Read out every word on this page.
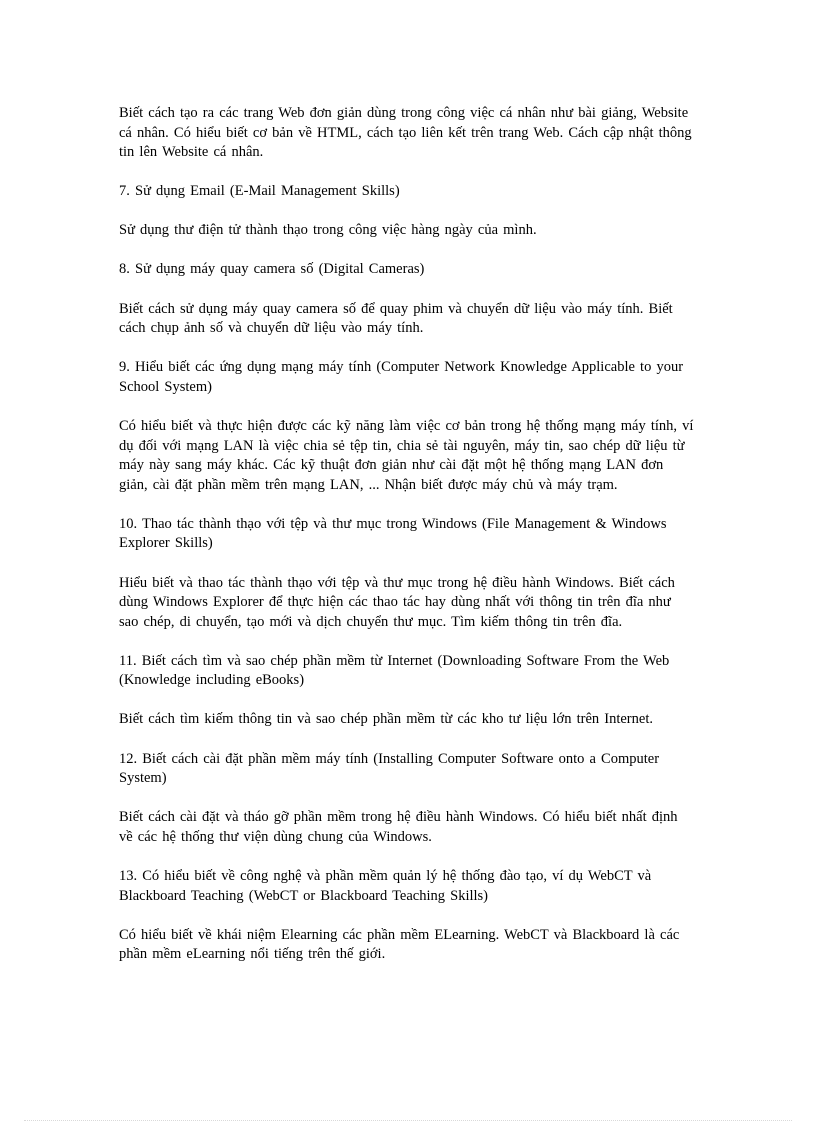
Biết cách tạo ra các trang Web đơn giản dùng trong công việc cá nhân như bài giảng, Website cá nhân. Có hiểu biết cơ bản về HTML, cách tạo liên kết trên trang Web. Cách cập nhật thông tin lên Website cá nhân.

7. Sử dụng Email (E-Mail Management Skills)

Sử dụng thư điện tử thành thạo trong công việc hàng ngày của mình.

8. Sử dụng máy quay camera số (Digital Cameras)

Biết cách sử dụng máy quay camera số để quay phim và chuyển dữ liệu vào máy tính. Biết cách chụp ảnh số và chuyển dữ liệu vào máy tính.

9. Hiểu biết các ứng dụng mạng máy tính (Computer Network Knowledge Applicable to your School System)

Có hiểu biết và thực hiện được các kỹ năng làm việc cơ bản trong hệ thống mạng máy tính, ví dụ đối với mạng LAN là việc chia sẻ tệp tin, chia sẻ tài nguyên, máy tin, sao chép dữ liệu từ máy này sang máy khác. Các kỹ thuật đơn giản như cài đặt một hệ thống mạng LAN đơn giản, cài đặt phần mềm trên mạng LAN, ... Nhận biết được máy chủ và máy trạm.

10. Thao tác thành thạo với tệp và thư mục trong Windows (File Management & Windows Explorer Skills)

Hiểu biết và thao tác thành thạo với tệp và thư mục trong hệ điều hành Windows. Biết cách dùng Windows Explorer để thực hiện các thao tác hay dùng nhất với thông tin trên đĩa như sao chép, di chuyển, tạo mới và dịch chuyển thư mục. Tìm kiếm thông tin trên đĩa.

11. Biết cách tìm và sao chép phần mềm từ Internet (Downloading Software From the Web (Knowledge including eBooks)

Biết cách tìm kiếm thông tin và sao chép phần mềm từ các kho tư liệu lớn trên Internet.

12. Biết cách cài đặt phần mềm máy tính (Installing Computer Software onto a Computer System)

Biết cách cài đặt và tháo gỡ phần mềm trong hệ điều hành Windows. Có hiểu biết nhất định về các hệ thống thư viện dùng chung của Windows.

13. Có hiểu biết về công nghệ và phần mềm quản lý hệ thống đào tạo, ví dụ WebCT và Blackboard Teaching (WebCT or Blackboard Teaching Skills)

Có hiểu biết về khái niệm Elearning các phần mềm ELearning. WebCT và Blackboard là các phần mềm eLearning nổi tiếng trên thế giới.
